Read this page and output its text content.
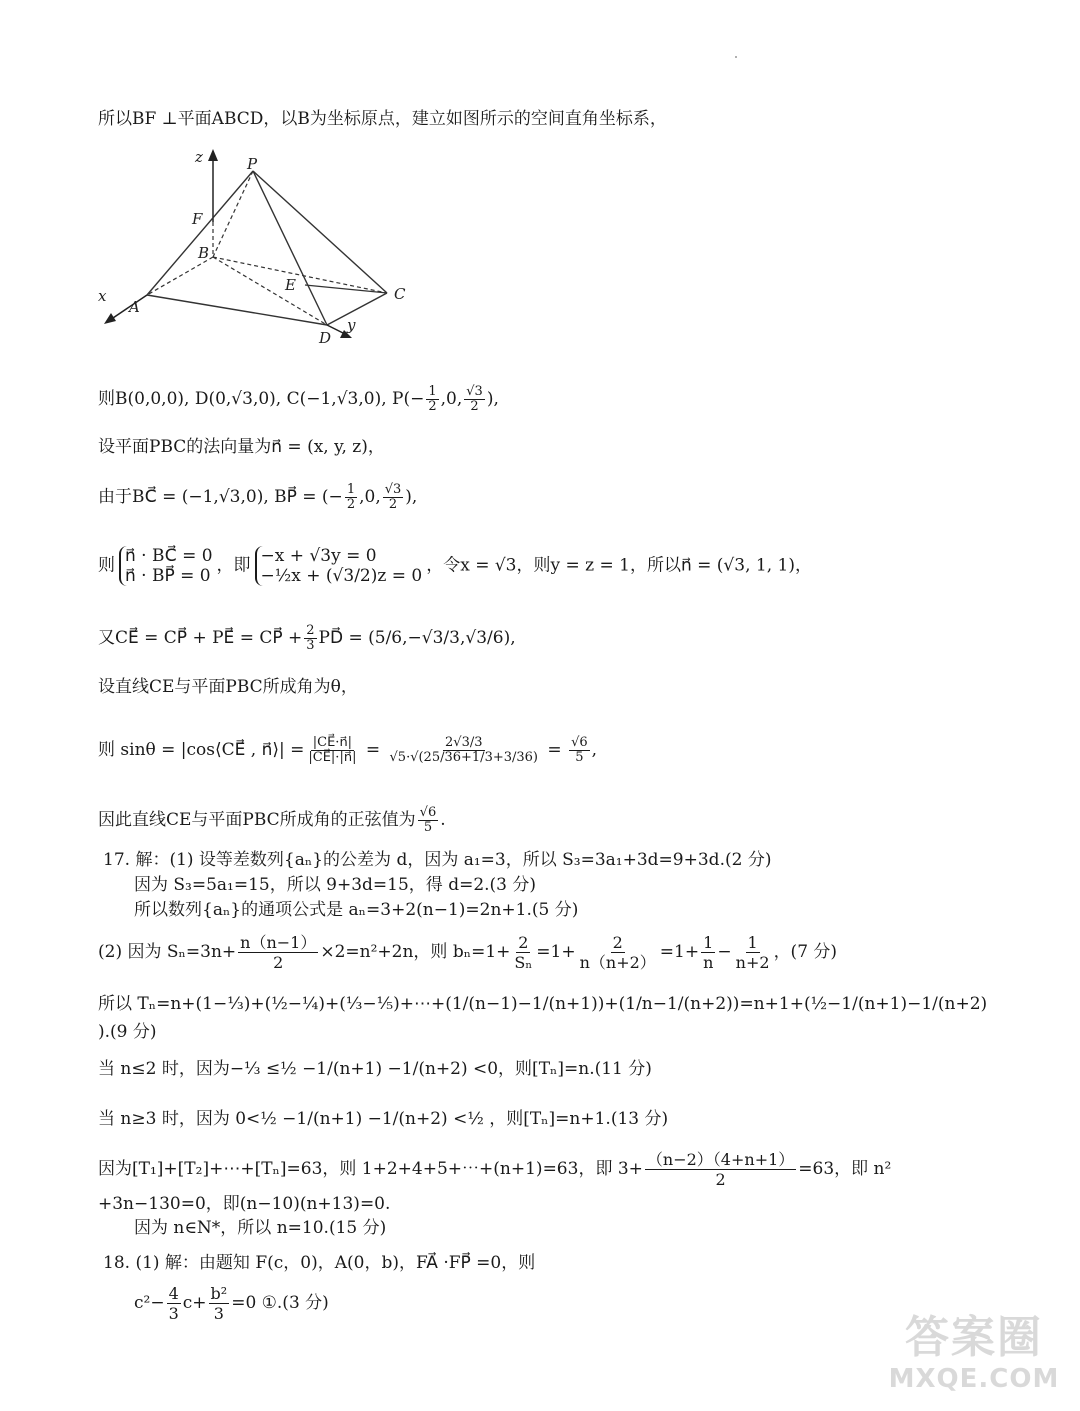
所以BF ⊥平面ABCD，以B为坐标原点，建立如图所示的空间直角坐标系，
z	P
F
B
E	C
x
A
D
y
则B(0,0,0), D(0,√3,0), C(−1,√3,0), $P(- \frac{1}{2} ,0$, $\frac{√3}{2}$ ),
设平面PBC的法向量为n⃗ = (x, y, z)，
由于BC⃗ = (−1,√3,0), BP⃗ = (− $\frac{1}{2} ,0$, $\frac{√3}{2}$ ),
则 n⃗ · BC⃗ = 0
n⃗ · BP⃗ = 0
，即 −x + √3y = 0
−½x + (√3/2)z = 0
，令x = √3，则y = z = 1，所以n⃗ = (√3, 1, 1)，
又CE⃗ = CP⃗ + PE⃗ = CP⃗ + $\frac{2}{3}$ PD⃗ = (5/6,−√3/3,√3/6),
设直线CE与平面PBC所成角为θ，
则 sinθ = |cos⟨CE⃗ , n⃗⟩| = $\frac{|CE⃗\cdot n⃗|}{|CE⃗|\cdot|n⃗|} = \frac{2√3/3}{√5\cdot√(25/36+1/3+3/36)} = \frac{√6}{5}$ ,
因此直线CE与平面PBC所成角的正弦值为 $\frac{√6}{5}$ .
17. 解：(1) 设等差数列{aₙ}的公差为 d，因为 a₁=3，所以 S₃=3a₁+3d=9+3d.(2 分)
因为 S₃=5a₁=15，所以 9+3d=15，得 d=2.(3 分)
所以数列{aₙ}的通项公式是 aₙ=3+2(n−1)=2n+1.(5 分)
(2) 因为 $S_n=3n+ \frac{n(n-1)}{2} \times 2=n^2+2n$，则 $b_n=1+ \frac{2}{\text{Sₙ}} =1+ \frac{2}{n(n+2)} =1+ \frac{1}{n} - \frac{1}{n+2}$ ，(7 分)
所以 Tₙ=n+(1−⅓)+(½−¼)+(⅓−⅕)+⋯+(1/(n−1)−1/(n+1))+(1/n−1/(n+2))=n+1+(½−1/(n+1)−1/(n+2)
).(9 分)
当 n≤2 时，因为−⅓ ≤½ −1/(n+1) −1/(n+2) <0，则[Tₙ]=n.(11 分)
当 n≥3 时，因为 0<½ −1/(n+1) −1/(n+2) <½ ，则[Tₙ]=n+1.(13 分)
因为[T₁]+[T₂]+⋯+[Tₙ]=63，则 1+2+4+5+⋯+(n+1)=63，即 $3+ \frac{(n-2)(4+n+1)}{2} =63$，即 n²
+3n−130=0，即(n−10)(n+13)=0.
因为 n∈N*，所以 n=10.(15 分)
18. (1) 解：由题知 F(c，0)，A(0，b)，FA⃗ ·FP⃗ =0，则
$c^2- \frac{4}{3} c+ \frac{\text{b²}}{3} =0$ ①.(3 分)
答案圈
MXQE.COM
